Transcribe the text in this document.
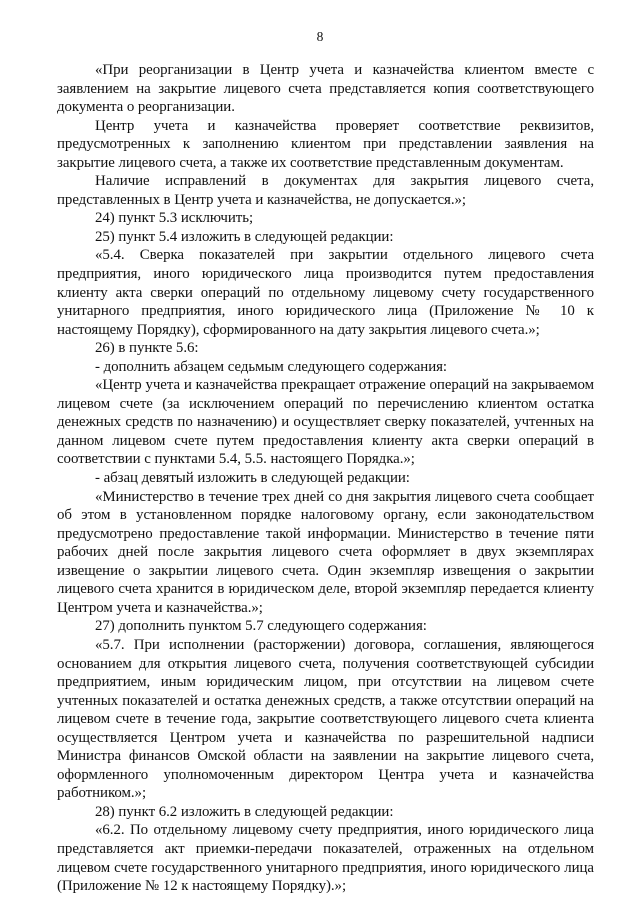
8

«При реорганизации в Центр учета и казначейства клиентом вместе с заявлением на закрытие лицевого счета представляется копия соответствующего документа о реорганизации.

Центр учета и казначейства проверяет соответствие реквизитов, предусмотренных к заполнению клиентом при представлении заявления на закрытие лицевого счета, а также их соответствие представленным документам.

Наличие исправлений в документах для закрытия лицевого счета, представленных в Центр учета и казначейства, не допускается.»;

24) пункт 5.3 исключить;

25) пункт 5.4 изложить в следующей редакции:

«5.4. Сверка показателей при закрытии отдельного лицевого счета предприятия, иного юридического лица производится путем предоставления клиенту акта сверки операций по отдельному лицевому счету государственного унитарного предприятия, иного юридического лица (Приложение № 10 к настоящему Порядку), сформированного на дату закрытия лицевого счета.»;

26) в пункте 5.6:

- дополнить абзацем седьмым следующего содержания:

«Центр учета и казначейства прекращает отражение операций на закрываемом лицевом счете (за исключением операций по перечислению клиентом остатка денежных средств по назначению) и осуществляет сверку показателей, учтенных на данном лицевом счете путем предоставления клиенту акта сверки операций в соответствии с пунктами 5.4, 5.5. настоящего Порядка.»;

- абзац девятый изложить в следующей редакции:

«Министерство в течение трех дней со дня закрытия лицевого счета сообщает об этом в установленном порядке налоговому органу, если законодательством предусмотрено предоставление такой информации. Министерство в течение пяти рабочих дней после закрытия лицевого счета оформляет в двух экземплярах извещение о закрытии лицевого счета. Один экземпляр извещения о закрытии лицевого счета хранится в юридическом деле, второй экземпляр передается клиенту Центром учета и казначейства.»;

27) дополнить пунктом 5.7 следующего содержания:

«5.7. При исполнении (расторжении) договора, соглашения, являющегося основанием для открытия лицевого счета, получения соответствующей субсидии предприятием, иным юридическим лицом, при отсутствии на лицевом счете учтенных показателей и остатка денежных средств, а также отсутствии операций на лицевом счете в течение года, закрытие соответствующего лицевого счета клиента осуществляется Центром учета и казначейства по разрешительной надписи Министра финансов Омской области на заявлении на закрытие лицевого счета, оформленного уполномоченным директором Центра учета и казначейства работником.»;

28) пункт 6.2 изложить в следующей редакции:

«6.2. По отдельному лицевому счету предприятия, иного юридического лица представляется акт приемки-передачи показателей, отраженных на отдельном лицевом счете государственного унитарного предприятия, иного юридического лица (Приложение № 12 к настоящему Порядку).»;
